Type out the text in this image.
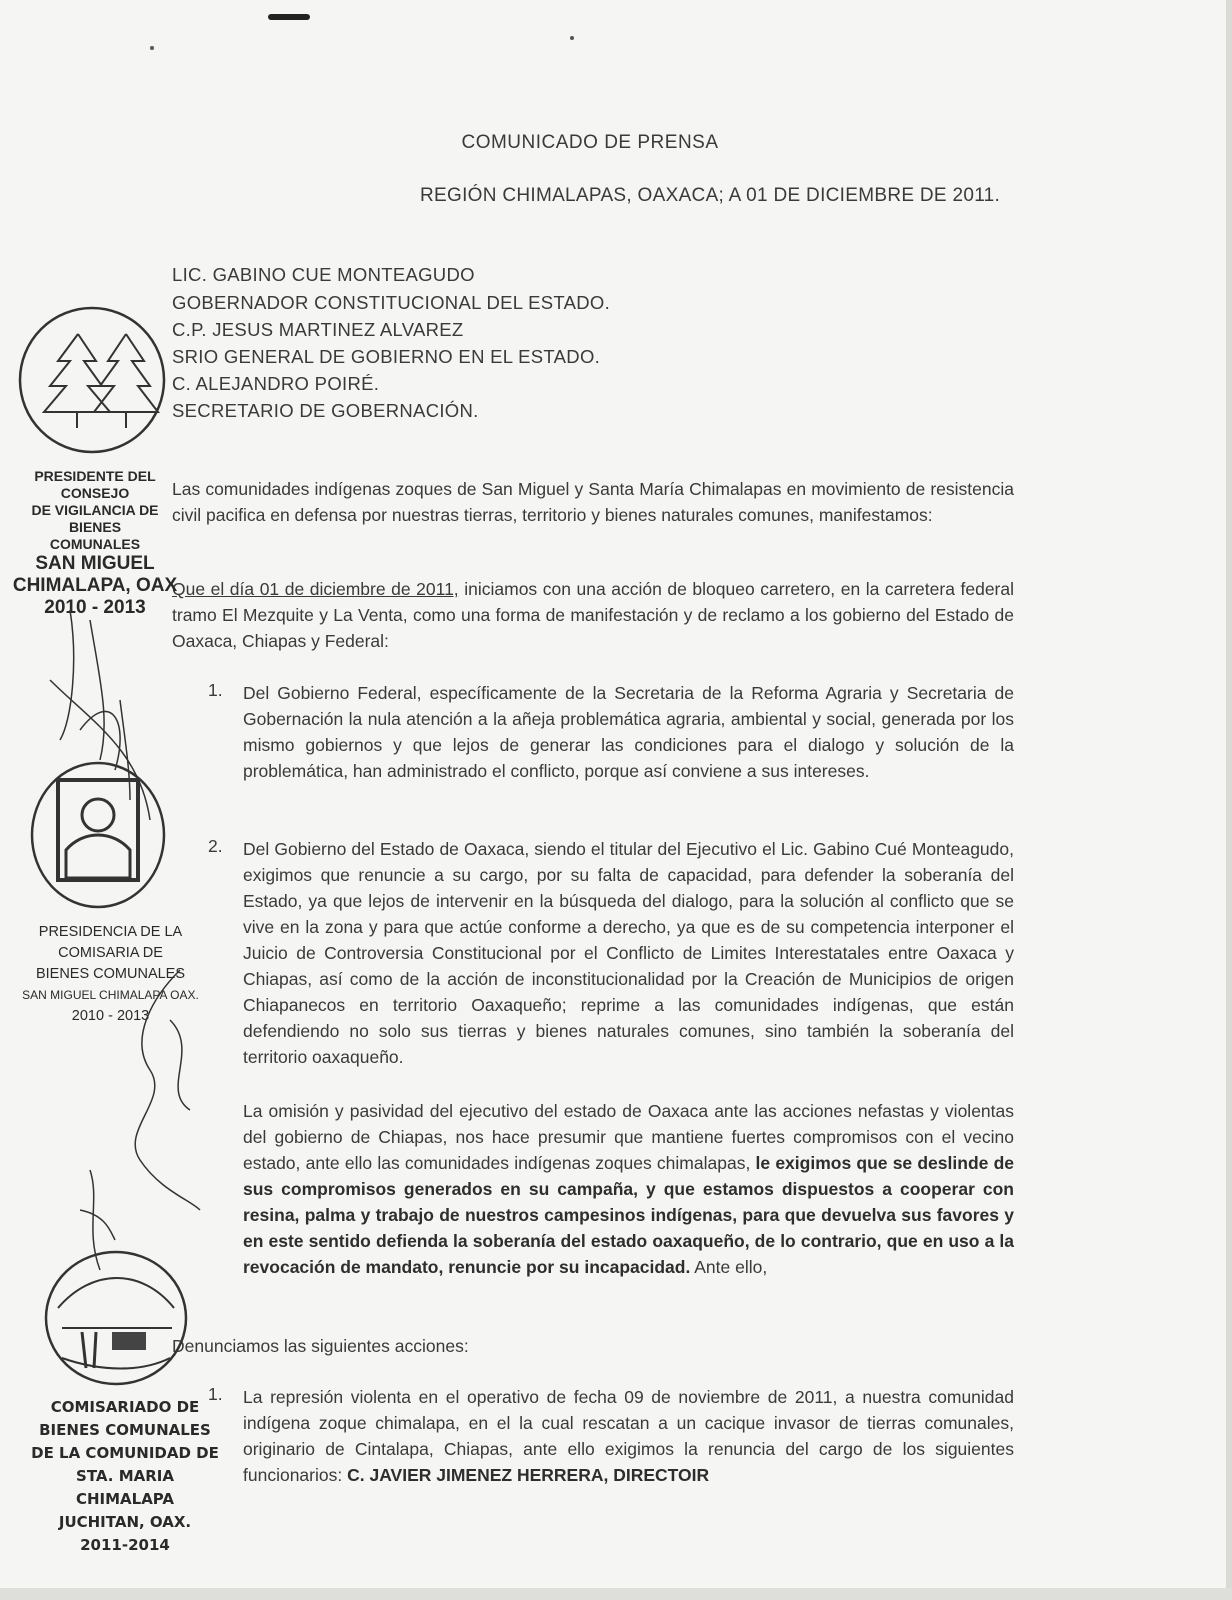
COMUNICADO DE PRENSA
REGIÓN CHIMALAPAS, OAXACA; A 01 DE DICIEMBRE DE 2011.
LIC. GABINO CUE MONTEAGUDO
GOBERNADOR CONSTITUCIONAL DEL ESTADO.
C.P. JESUS MARTINEZ ALVAREZ
SRIO GENERAL DE GOBIERNO EN EL ESTADO.
C. ALEJANDRO POIRÉ.
SECRETARIO DE GOBERNACIÓN.
Las comunidades indígenas zoques de San Miguel y Santa María Chimalapas en movimiento de resistencia civil pacifica en defensa por nuestras tierras, territorio y bienes naturales comunes, manifestamos:
Que el día 01 de diciembre de 2011, iniciamos con una acción de bloqueo carretero, en la carretera federal tramo El Mezquite y La Venta, como una forma de manifestación y de reclamo a los gobierno del Estado de Oaxaca, Chiapas y Federal:
1. Del Gobierno Federal, específicamente de la Secretaria de la Reforma Agraria y Secretaria de Gobernación la nula atención a la añeja problemática agraria, ambiental y social, generada por los mismo gobiernos y que lejos de generar las condiciones para el dialogo y solución de la problemática, han administrado el conflicto, porque así conviene a sus intereses.
2. Del Gobierno del Estado de Oaxaca, siendo el titular del Ejecutivo el Lic. Gabino Cué Monteagudo, exigimos que renuncie a su cargo, por su falta de capacidad, para defender la soberanía del Estado, ya que lejos de intervenir en la búsqueda del dialogo, para la solución al conflicto que se vive en la zona y para que actúe conforme a derecho, ya que es de su competencia interponer el Juicio de Controversia Constitucional por el Conflicto de Limites Interestatales entre Oaxaca y Chiapas, así como de la acción de inconstitucionalidad por la Creación de Municipios de origen Chiapanecos en territorio Oaxaqueño; reprime a las comunidades indígenas, que están defendiendo no solo sus tierras y bienes naturales comunes, sino también la soberanía del territorio oaxaqueño.
La omisión y pasividad del ejecutivo del estado de Oaxaca ante las acciones nefastas y violentas del gobierno de Chiapas, nos hace presumir que mantiene fuertes compromisos con el vecino estado, ante ello las comunidades indígenas zoques chimalapas, le exigimos que se deslinde de sus compromisos generados en su campaña, y que estamos dispuestos a cooperar con resina, palma y trabajo de nuestros campesinos indígenas, para que devuelva sus favores y en este sentido defienda la soberanía del estado oaxaqueño, de lo contrario, que en uso a la revocación de mandato, renuncie por su incapacidad. Ante ello,
Denunciamos las siguientes acciones:
1. La represión violenta en el operativo de fecha 09 de noviembre de 2011, a nuestra comunidad indígena zoque chimalapa, en el la cual rescatan a un cacique invasor de tierras comunales, originario de Cintalapa, Chiapas, ante ello exigimos la renuncia del cargo de los siguientes funcionarios: C. JAVIER JIMENEZ HERRERA, DIRECTOIR
PRESIDENTE DEL CONSEJO
DE VIGILANCIA DE BIENES
COMUNALES
SAN MIGUEL
CHIMALAPA, OAX
2010 - 2013
PRESIDENCIA DE LA
COMISARIA DE
BIENES COMUNALES
SAN MIGUEL CHIMALAPA OAX.
2010 - 2013
COMISARIADO DE
BIENES COMUNALES
DE LA COMUNIDAD DE
STA. MARIA CHIMALAPA
JUCHITAN, OAX.
2011-2014
